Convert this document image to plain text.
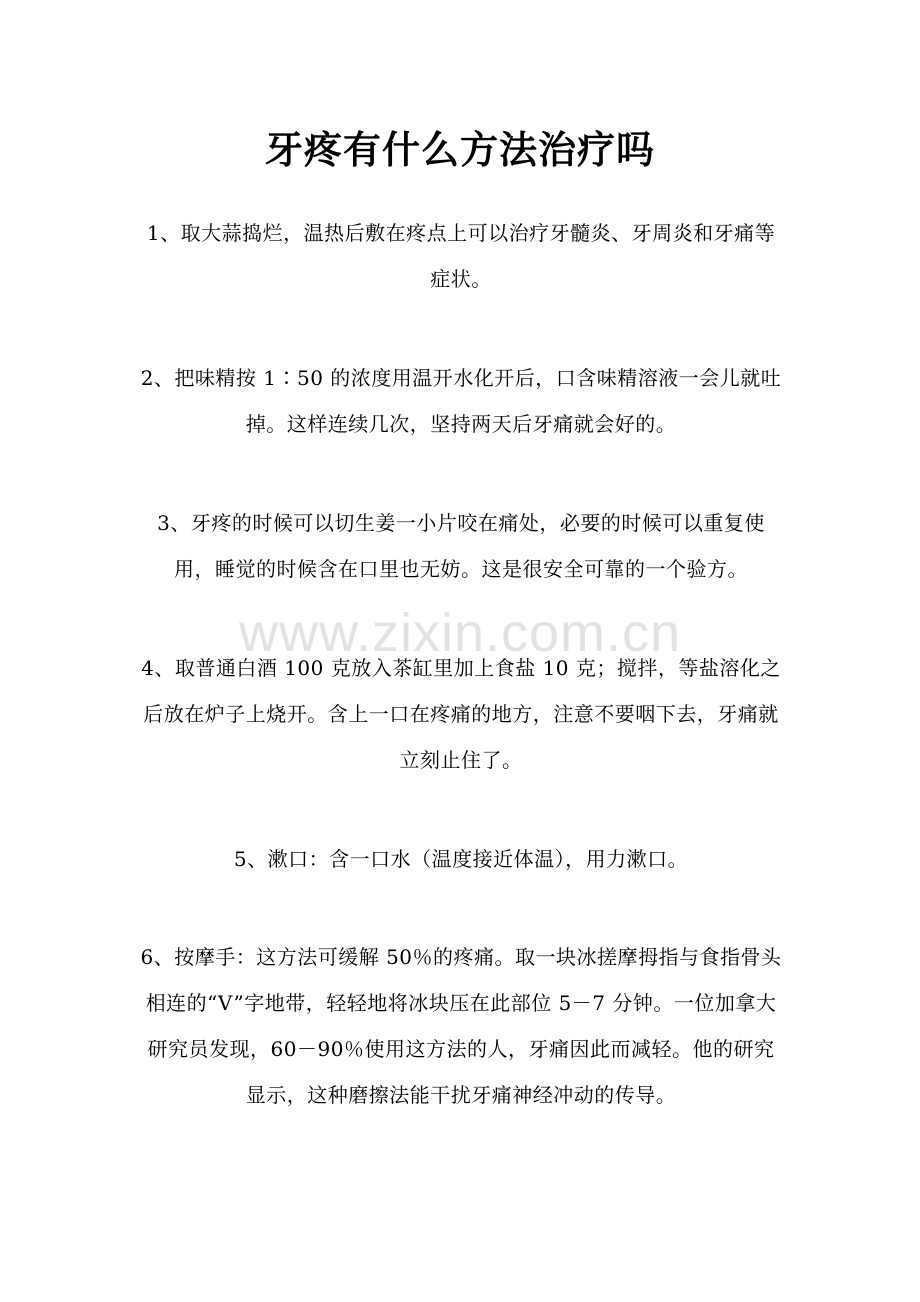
牙疼有什么方法治疗吗

1、取大蒜捣烂，温热后敷在疼点上可以治疗牙髓炎、牙周炎和牙痛等症状。

2、把味精按 1∶50 的浓度用温开水化开后，口含味精溶液一会儿就吐掉。这样连续几次，坚持两天后牙痛就会好的。

3、牙疼的时候可以切生姜一小片咬在痛处，必要的时候可以重复使用，睡觉的时候含在口里也无妨。这是很安全可靠的一个验方。

4、取普通白酒 100 克放入茶缸里加上食盐 10 克；搅拌，等盐溶化之后放在炉子上烧开。含上一口在疼痛的地方，注意不要咽下去，牙痛就立刻止住了。

5、漱口：含一口水（温度接近体温），用力漱口。

6、按摩手：这方法可缓解 50％的疼痛。取一块冰搓摩拇指与食指骨头相连的“V”字地带，轻轻地将冰块压在此部位 5－7 分钟。一位加拿大研究员发现，60－90％使用这方法的人，牙痛因此而减轻。他的研究显示，这种磨擦法能干扰牙痛神经冲动的传导。

www.zixin.com.cn
